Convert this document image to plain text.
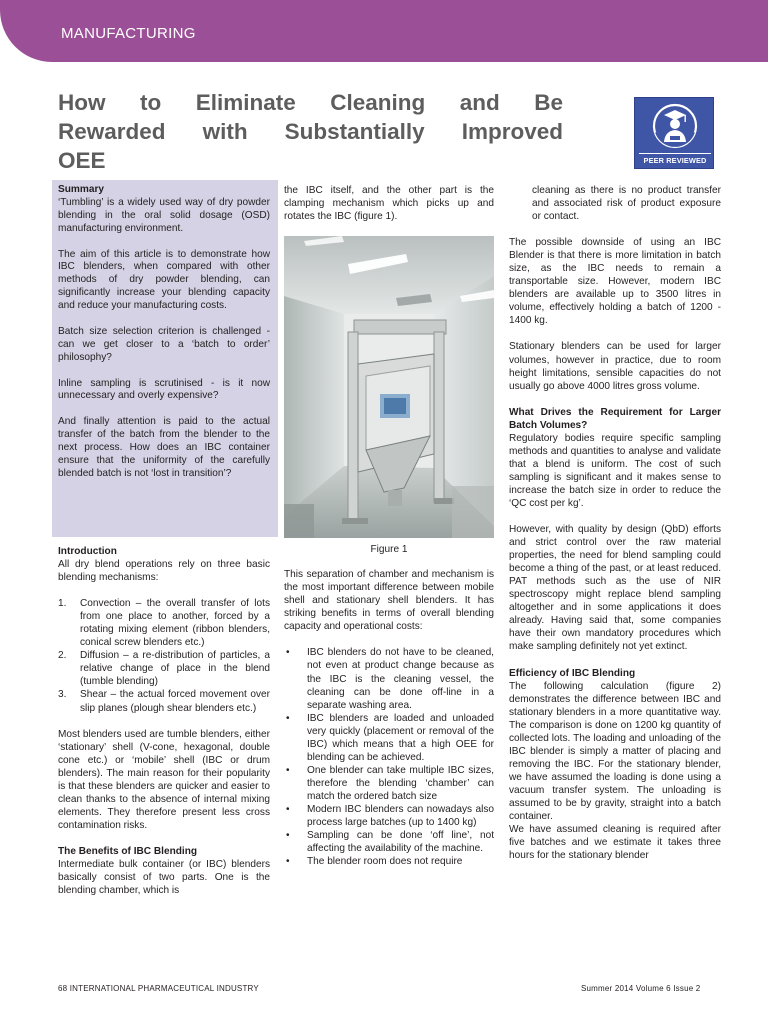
MANUFACTURING
How to Eliminate Cleaning and Be
Rewarded with Substantially Improved
OEE	PEER REVIEWED
Summary

‘Tumbling’ is a widely used way of dry powder blending in the oral solid dosage (OSD) manufacturing environment.

The aim of this article is to demonstrate how IBC blenders, when compared with other methods of dry powder blending, can significantly increase your blending capacity and reduce your manufacturing costs.

Batch size selection criterion is challenged - can we get closer to a ‘batch to order’ philosophy?

Inline sampling is scrutinised - is it now unnecessary and overly expensive?

And finally attention is paid to the actual transfer of the batch from the blender to the next process. How does an IBC container ensure that the uniformity of the carefully blended batch is not ‘lost in transition’?

Introduction

All dry blend operations rely on three basic blending mechanisms:

1. Convection – the overall transfer of lots from one place to another, forced by a rotating mixing element (ribbon blenders, conical screw blenders etc.)
2. Diffusion – a re-distribution of particles, a relative change of place in the blend (tumble blending)
3. Shear – the actual forced movement over slip planes (plough shear blenders etc.)

Most blenders used are tumble blenders, either ‘stationary’ shell (V-cone, hexagonal, double cone etc.) or ‘mobile’ shell (IBC or drum blenders). The main reason for their popularity is that these blenders are quicker and easier to clean thanks to the absence of internal mixing elements. They therefore present less cross contamination risks.

The Benefits of IBC Blending

Intermediate bulk container (or IBC) blenders basically consist of two parts. One is the blending chamber, which is

the IBC itself, and the other part is the clamping mechanism which picks up and rotates the IBC (figure 1).

Figure 1

This separation of chamber and mechanism is the most important difference between mobile shell and stationary shell blenders. It has striking benefits in terms of overall blending capacity and operational costs:

• IBC blenders do not have to be cleaned, not even at product change because as the IBC is the cleaning vessel, the cleaning can be done off-line in a separate washing area.
• IBC blenders are loaded and unloaded very quickly (placement or removal of the IBC) which means that a high OEE for blending can be achieved.
• One blender can take multiple IBC sizes, therefore the blending ‘chamber’ can match the ordered batch size
• Modern IBC blenders can nowadays also process large batches (up to 1400 kg)
• Sampling can be done ‘off line’, not affecting the availability of the machine.
• The blender room does not require

cleaning as there is no product transfer and associated risk of product exposure or contact.

The possible downside of using an IBC Blender is that there is more limitation in batch size, as the IBC needs to remain a transportable size. However, modern IBC blenders are available up to 3500 litres in volume, effectively holding a batch of 1200 - 1400 kg.

Stationary blenders can be used for larger volumes, however in practice, due to room height limitations, sensible capacities do not usually go above 4000 litres gross volume.

What Drives the Requirement for Larger Batch Volumes?

Regulatory bodies require specific sampling methods and quantities to analyse and validate that a blend is uniform. The cost of such sampling is significant and it makes sense to increase the batch size in order to reduce the ‘QC cost per kg’.

However, with quality by design (QbD) efforts and strict control over the raw material properties, the need for blend sampling could become a thing of the past, or at least reduced. PAT methods such as the use of NIR spectroscopy might replace blend sampling altogether and in some applications it does already. Having said that, some companies have their own mandatory procedures which make sampling definitely not yet extinct.

Efficiency of IBC Blending

The following calculation (figure 2) demonstrates the difference between IBC and stationary blenders in a more quantitative way. The comparison is done on 1200 kg quantity of collected lots. The loading and unloading of the IBC blender is simply a matter of placing and removing the IBC. For the stationary blender, we have assumed the loading is done using a vacuum transfer system. The unloading is assumed to be by gravity, straight into a batch container.

We have assumed cleaning is required after five batches and we estimate it takes three hours for the stationary blender

68 INTERNATIONAL PHARMACEUTICAL INDUSTRY	Summer 2014 Volume 6 Issue 2
